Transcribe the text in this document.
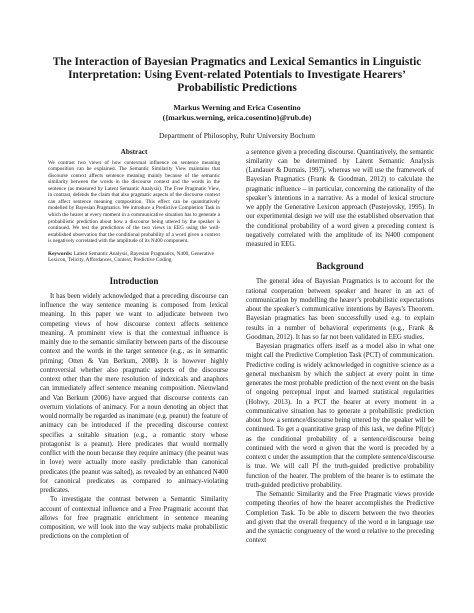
The Interaction of Bayesian Pragmatics and Lexical Semantics in Linguistic Interpretation: Using Event-related Potentials to Investigate Hearers’ Probabilistic Predictions
Markus Werning and Erica Cosentino
({markus.werning, erica.cosentino}@rub.de)
Department of Philosophy, Ruhr University Bochum
Abstract

We contrast two views of how contextual influence on sentence meaning composition can be explained. The Semantic Similarity View maintains that discourse context affects sentence meaning mainly because of the semantic similarity between the words in the discourse context and the words in the sentence (as measured by Latent Semantic Analysis). The Free Pragmatic View, in contrast, defends the claim that also pragmatic aspects of the discourse context can affect sentence meaning composition. This effect can be quantitatively modelled by Bayesian Pragmatics. We introduce a Predictive Completion Task in which the hearer at every moment in a communicative situation has to generate a probabilistic prediction about how a discourse being uttered by the speaker is continued. We test the predictions of the two views in EEG using the well-established observation that the conditional probability of a word given a context is negatively correlated with the amplitude of its N400 component.

Keywords: Latent Semantic Analysis, Bayesian Pragmatics, N400, Generative Lexicon, Telicity, Affordances, Context, Predictive Coding

Introduction

It has been widely acknowledged that a preceding discourse can influence the way sentence meaning is composed from lexical meaning. In this paper we want to adjudicate between two competing views of how discourse context affects sentence meaning. A prominent view is that the contextual influence is mainly due to the semantic similarity between parts of the discourse context and the words in the target sentence (e.g., as in semantic priming; Otten & Van Berkum, 2008). It is however highly controversial whether also pragmatic aspects of the discourse context other than the mere resolution of indexicals and anaphors can immediately affect sentence meaning composition. Nieuwland and Van Berkum (2006) have argued that discourse contexts can overturn violations of animacy. For a noun denoting an object that would normally be regarded as inanimate (e.g. peanut) the feature of animacy can be introduced if the preceding discourse context specifies a suitable situation (e.g., a romantic story whose protagonist is a peanut). Here predicates that would normally conflict with the noun because they require animacy (the peanut was in love) were actually more easily predictable than canonical predicates (the peanut was salted), as revealed by an enhanced N400 for canonical predicates as compared to animacy-violating predicates.

To investigate the contrast between a Semantic Similarity account of contextual influence and a Free Pragmatic account that allows for free pragmatic enrichment in sentence meaning composition, we will look into the way subjects make probabilistic predictions on the completion of

a sentence given a preceding discourse. Quantitatively, the semantic similarity can be determined by Latent Semantic Analysis (Landauer & Dumais, 1997), whereas we will use the framework of Bayesian Pragmatics (Frank & Goodman, 2012) to calculate the pragmatic influence – in particular, concerning the rationality of the speaker’s intentions in a narrative. As a model of lexical structure we apply the Generative Lexicon approach (Pustejovsky, 1995). In our experimental design we will use the established observation that the conditional probability of a word given a preceding context is negatively correlated with the amplitude of its N400 component measured in EEG.

Background

The general idea of Bayesian Pragmatics is to account for the rational cooperation between speaker and hearer in an act of communication by modelling the hearer’s probabilistic expectations about the speaker’s communicative intentions by Bayes’s Theorem. Bayesian pragmatics has been successfully used e.g. to explain results in a number of behavioral experiments (e.g., Frank & Goodman, 2012). It has so far not been validated in EEG studies.

Bayesian pragmatics offers itself as a model also in what one might call the Predictive Completion Task (PCT) of communication. Predictive coding is widely acknowledged in cognitive science as a general mechanism by which the subject at every point in time generates the most probable prediction of the next event on the basis of ongoing perceptual input and learned statistical regularities (Hohwy, 2013). In a PCT the hearer at every moment in a communicative situation has to generate a probabilistic prediction about how a sentence/discourse being uttered by the speaker will be continued. To get a quantitative grasp of this task, we define Pf(α|c) as the conditional probability of a sentence/discourse being continued with the word α given that the word is preceded by a context c under the assumption that the complete sentence/discourse is true. We will call Pf the truth-guided predictive probability function of the hearer. The problem of the hearer is to estimate the truth-guided predictive probability.

The Semantic Similarity and the Free Pragmatic views provide competing theories of how the hearer accomplishes the Predictive Completion Task. To be able to discern between the two theories and given that the overall frequency of the word α in language use and the syntactic congruency of the word α relative to the preceding context
